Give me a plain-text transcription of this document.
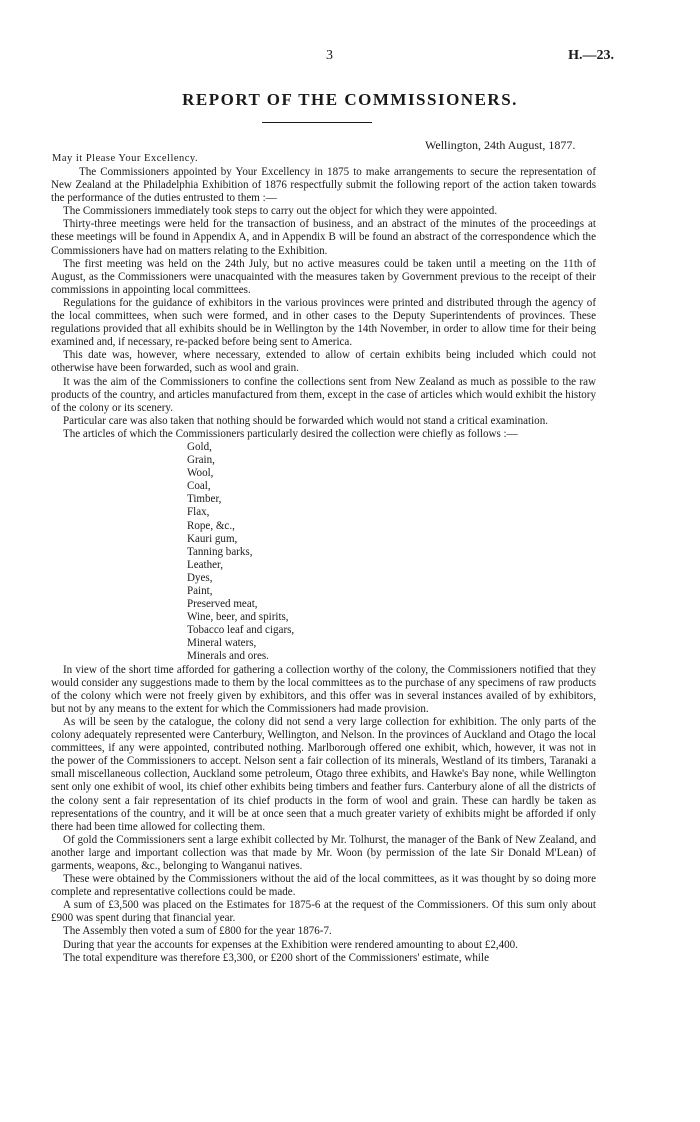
3	H.—23.
REPORT OF THE COMMISSIONERS.
Wellington, 24th August, 1877.
May it Please Your Excellency.

The Commissioners appointed by Your Excellency in 1875 to make arrangements to secure the representation of New Zealand at the Philadelphia Exhibition of 1876 respectfully submit the following report of the action taken towards the performance of the duties entrusted to them :—

The Commissioners immediately took steps to carry out the object for which they were appointed.

Thirty-three meetings were held for the transaction of business, and an abstract of the minutes of the proceedings at these meetings will be found in Appendix A, and in Appendix B will be found an abstract of the correspondence which the Commissioners have had on matters relating to the Exhibition.

The first meeting was held on the 24th July, but no active measures could be taken until a meeting on the 11th of August, as the Commissioners were unacquainted with the measures taken by Government previous to the receipt of their commissions in appointing local committees.

Regulations for the guidance of exhibitors in the various provinces were printed and distributed through the agency of the local committees, when such were formed, and in other cases to the Deputy Superintendents of provinces. These regulations provided that all exhibits should be in Wellington by the 14th November, in order to allow time for their being examined and, if necessary, re-packed before being sent to America.

This date was, however, where necessary, extended to allow of certain exhibits being included which could not otherwise have been forwarded, such as wool and grain.

It was the aim of the Commissioners to confine the collections sent from New Zealand as much as possible to the raw products of the country, and articles manufactured from them, except in the case of articles which would exhibit the history of the colony or its scenery.

Particular care was also taken that nothing should be forwarded which would not stand a critical examination.

The articles of which the Commissioners particularly desired the collection were chiefly as follows :—

Gold,
Grain,
Wool,
Coal,
Timber,
Flax,
Rope, &c.,
Kauri gum,
Tanning barks,
Leather,
Dyes,
Paint,
Preserved meat,
Wine, beer, and spirits,
Tobacco leaf and cigars,
Mineral waters,
Minerals and ores.

In view of the short time afforded for gathering a collection worthy of the colony, the Commissioners notified that they would consider any suggestions made to them by the local committees as to the purchase of any specimens of raw products of the colony which were not freely given by exhibitors, and this offer was in several instances availed of by exhibitors, but not by any means to the extent for which the Commissioners had made provision.

As will be seen by the catalogue, the colony did not send a very large collection for exhibition. The only parts of the colony adequately represented were Canterbury, Wellington, and Nelson. In the provinces of Auckland and Otago the local committees, if any were appointed, contributed nothing. Marlborough offered one exhibit, which, however, it was not in the power of the Commissioners to accept. Nelson sent a fair collection of its minerals, Westland of its timbers, Taranaki a small miscellaneous collection, Auckland some petroleum, Otago three exhibits, and Hawke's Bay none, while Wellington sent only one exhibit of wool, its chief other exhibits being timbers and feather furs. Canterbury alone of all the districts of the colony sent a fair representation of its chief products in the form of wool and grain. These can hardly be taken as representations of the country, and it will be at once seen that a much greater variety of exhibits might be afforded if only there had been time allowed for collecting them.

Of gold the Commissioners sent a large exhibit collected by Mr. Tolhurst, the manager of the Bank of New Zealand, and another large and important collection was that made by Mr. Woon (by permission of the late Sir Donald M'Lean) of garments, weapons, &c., belonging to Wanganui natives.

These were obtained by the Commissioners without the aid of the local committees, as it was thought by so doing more complete and representative collections could be made.

A sum of £3,500 was placed on the Estimates for 1875-6 at the request of the Commissioners. Of this sum only about £900 was spent during that financial year.

The Assembly then voted a sum of £800 for the year 1876-7.

During that year the accounts for expenses at the Exhibition were rendered amounting to about £2,400.

The total expenditure was therefore £3,300, or £200 short of the Commissioners' estimate, while
